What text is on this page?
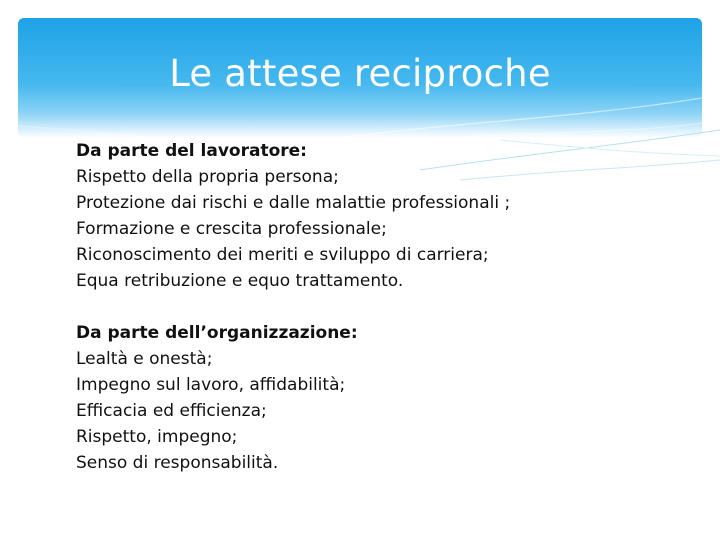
Le attese reciproche
Da parte del lavoratore:
Rispetto della propria persona;
Protezione dai rischi e dalle malattie professionali ;
Formazione e crescita professionale;
Riconoscimento dei meriti e sviluppo di carriera;
Equa retribuzione e equo trattamento.
Da parte dell’organizzazione:
Lealtà e onestà;
Impegno sul lavoro, affidabilità;
Efficacia ed efficienza;
Rispetto, impegno;
Senso di responsabilità.
